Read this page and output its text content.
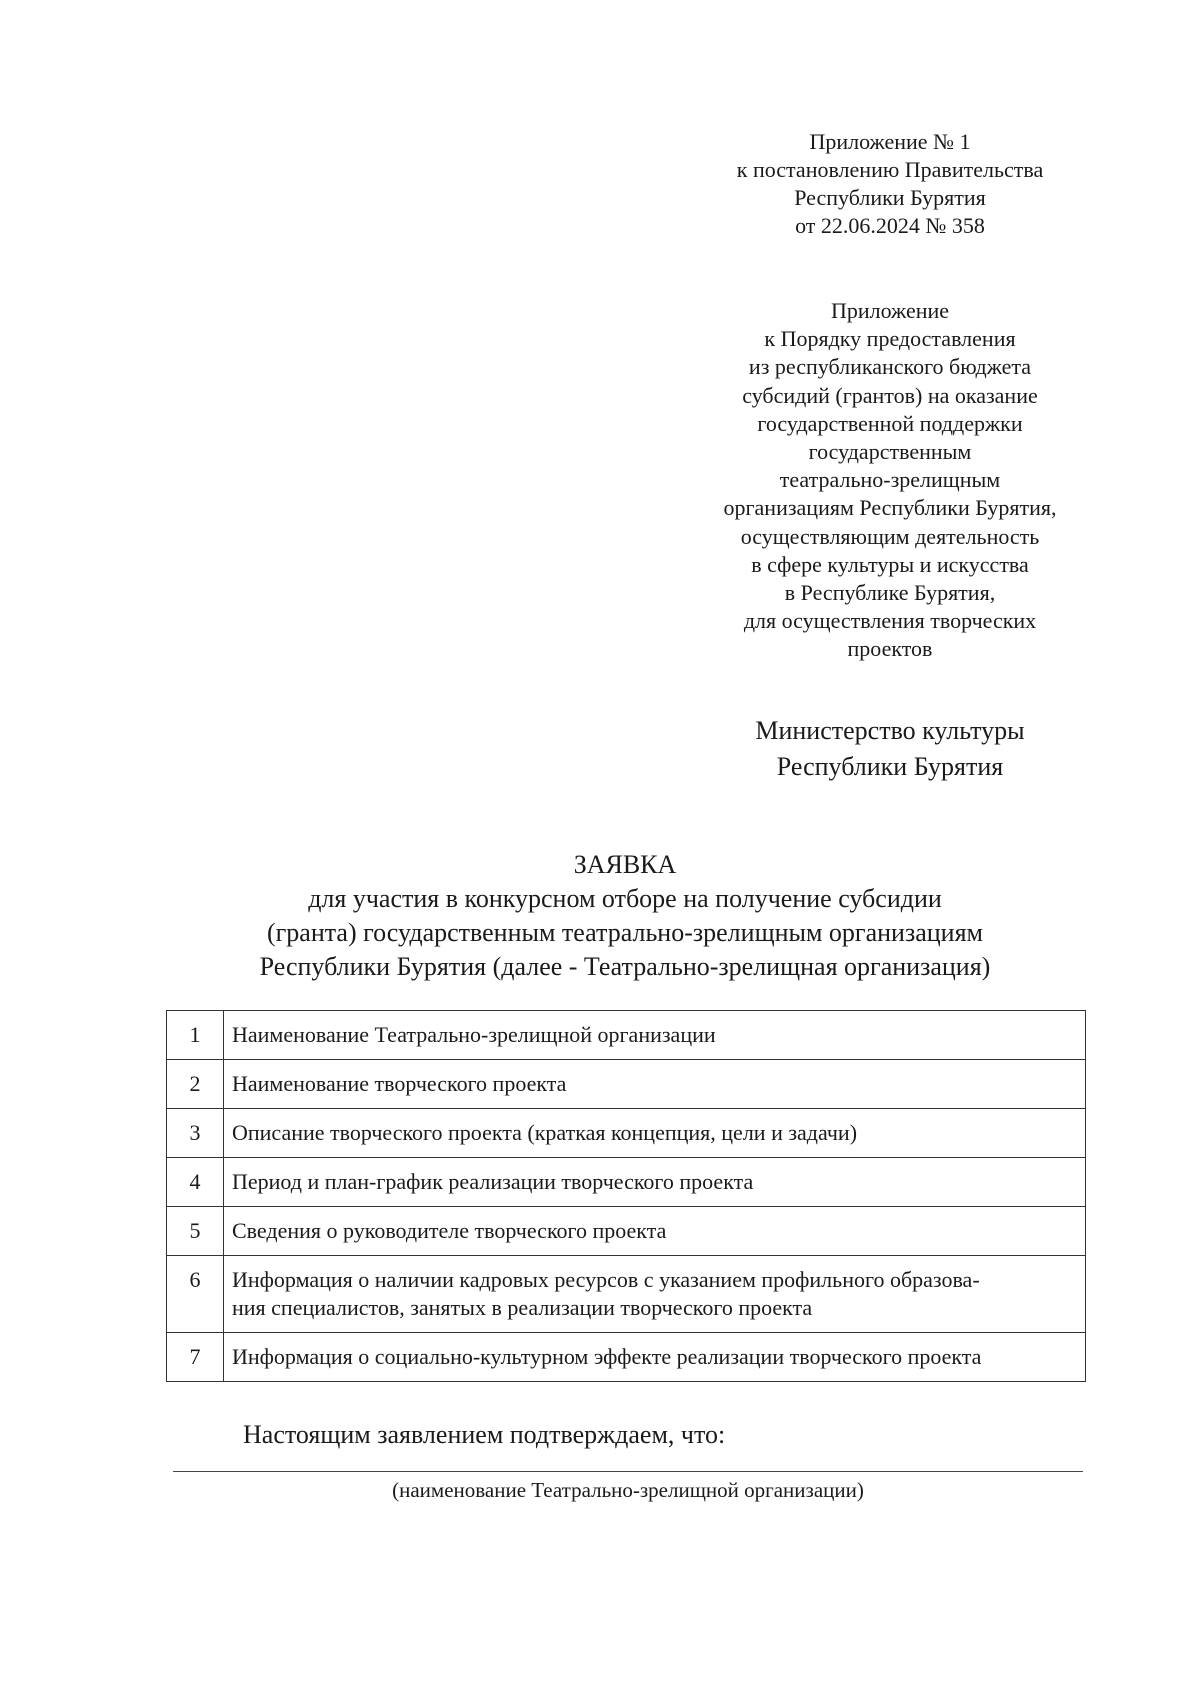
Приложение № 1
к постановлению Правительства
Республики Бурятия
от 22.06.2024 № 358
Приложение
к Порядку предоставления
из республиканского бюджета
субсидий (грантов) на оказание
государственной поддержки
государственным
театрально-зрелищным
организациям Республики Бурятия,
осуществляющим деятельность
в сфере культуры и искусства
в Республике Бурятия,
для осуществления творческих
проектов
Министерство культуры
Республики Бурятия
ЗАЯВКА
для участия в конкурсном отборе на получение субсидии
(гранта) государственным театрально-зрелищным организациям
Республики Бурятия (далее - Театрально-зрелищная организация)
1	Наименование Театрально-зрелищной организации
2	Наименование творческого проекта
3	Описание творческого проекта (краткая концепция, цели и задачи)
4	Период и план-график реализации творческого проекта
5	Сведения о руководителе творческого проекта
6	Информация о наличии кадровых ресурсов с указанием профильного образова-
ния специалистов, занятых в реализации творческого проекта

7	Информация о социально-культурном эффекте реализации творческого проекта
Настоящим заявлением подтверждаем, что:
(наименование Театрально-зрелищной организации)
